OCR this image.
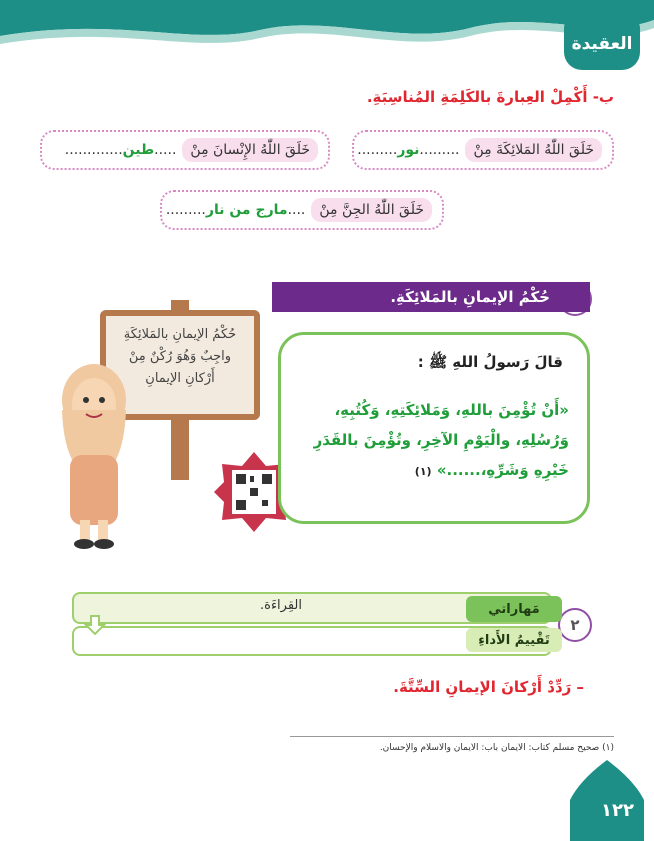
العقيدة
ب- أَكْمِلْ العِبارةَ بالكَلِمَةِ المُناسِبَةِ.
خَلَقَ اللّٰهُ المَلائِكَةَ مِنْ
.........
نور
.........
خَلَقَ اللّٰهُ الإِنْسانَ مِنْ
.....
طين
.............
خَلَقَ اللّٰهُ الجِنَّ مِنْ
....
مارج من نار
.........
حُكْمُ الإيمانِ بالمَلائِكَةِ.
حُكْمُ الإيمانِ بالمَلائِكَةِ
واجِبٌ وَهُوَ رُكْنٌ مِنْ
أَرْكانِ الإيمانِ
قالَ رَسولُ اللهِ ﷺ :
«أَنْ تُؤْمِنَ باللهِ، وَمَلائِكَتِهِ، وَكُتُبِهِ، وَرُسُلِهِ، والْيَوْمِ الآخِرِ، وتُؤْمِنَ بالقَدَرِ خَيْرِهِ وَشَرِّهِ،......» (١)
٢
مَهاراتي
القِراءَة.
تَقْييمُ الأَداءِ
– رَدِّدْ أَرْكانَ الإيمانِ السِّتَّةَ.
(١) صحيح مسلم كتاب: الايمان باب: الايمان والاسلام والإحسان.
١٢٢
